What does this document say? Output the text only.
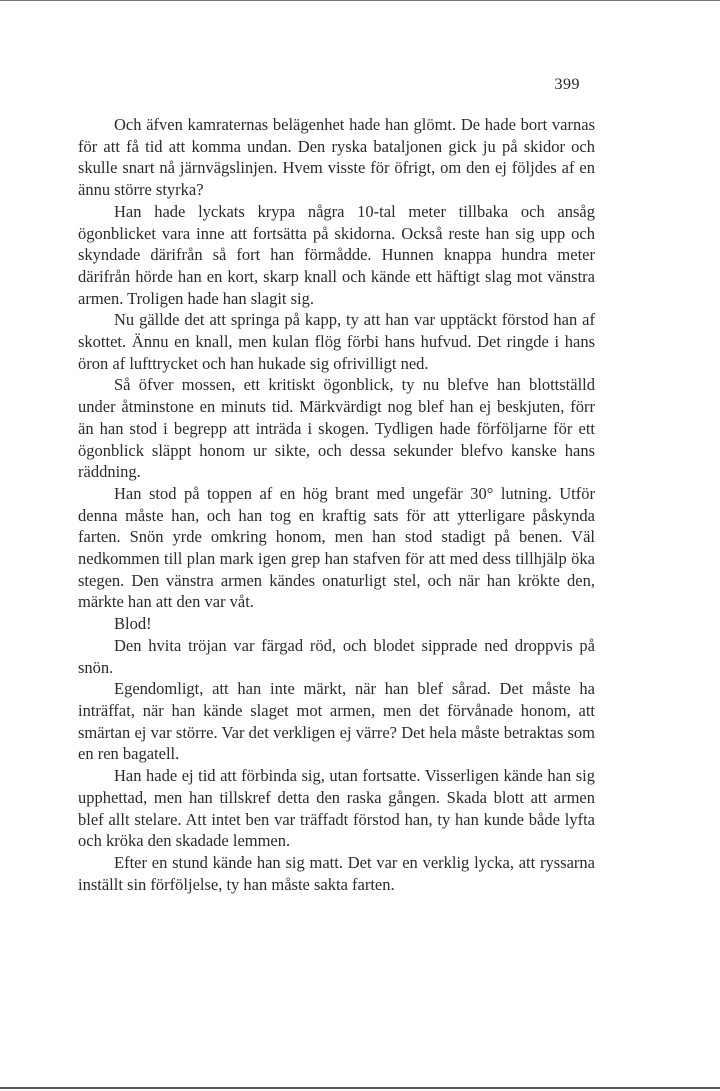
399

Och äfven kamraternas belägenhet hade han glömt. De hade bort varnas för att få tid att komma undan. Den ryska bataljonen gick ju på skidor och skulle snart nå järnvägslinjen. Hvem visste för öfrigt, om den ej följdes af en ännu större styrka?

Han hade lyckats krypa några 10-tal meter tillbaka och ansåg ögonblicket vara inne att fortsätta på skidorna. Också reste han sig upp och skyndade därifrån så fort han förmådde. Hunnen knappa hundra meter därifrån hörde han en kort, skarp knall och kände ett häftigt slag mot vänstra armen. Troligen hade han slagit sig.

Nu gällde det att springa på kapp, ty att han var upptäckt förstod han af skottet. Ännu en knall, men kulan flög förbi hans hufvud. Det ringde i hans öron af lufttrycket och han hukade sig ofrivilligt ned.

Så öfver mossen, ett kritiskt ögonblick, ty nu blefve han blottställd under åtminstone en minuts tid. Märkvärdigt nog blef han ej beskjuten, förr än han stod i begrepp att inträda i skogen. Tydligen hade förföljarne för ett ögonblick släppt honom ur sikte, och dessa sekunder blefvo kanske hans räddning.

Han stod på toppen af en hög brant med ungefär 30° lutning. Utför denna måste han, och han tog en kraftig sats för att ytterligare påskynda farten. Snön yrde omkring honom, men han stod stadigt på benen. Väl nedkommen till plan mark igen grep han stafven för att med dess tillhjälp öka stegen. Den vänstra armen kändes onaturligt stel, och när han kröktе den, märkte han att den var våt.

Blod!

Den hvita tröjan var färgad röd, och blodet sipprade ned droppvis på snön.

Egendomligt, att han inte märkt, när han blef sårad. Det måste ha inträffat, när han kände slaget mot armen, men det förvånade honom, att smärtan ej var större. Var det verkligen ej värre? Det hela måste betraktas som en ren bagatell.

Han hade ej tid att förbinda sig, utan fortsatte. Visserligen kände han sig upphettad, men han tillskref detta den raska gången. Skada blott att armen blef allt stelare. Att intet ben var träffadt förstod han, ty han kunde både lyfta och kröka den skadade lemmen.

Efter en stund kände han sig matt. Det var en verklig lycka, att ryssarna inställt sin förföljelse, ty han måste sakta farten.
